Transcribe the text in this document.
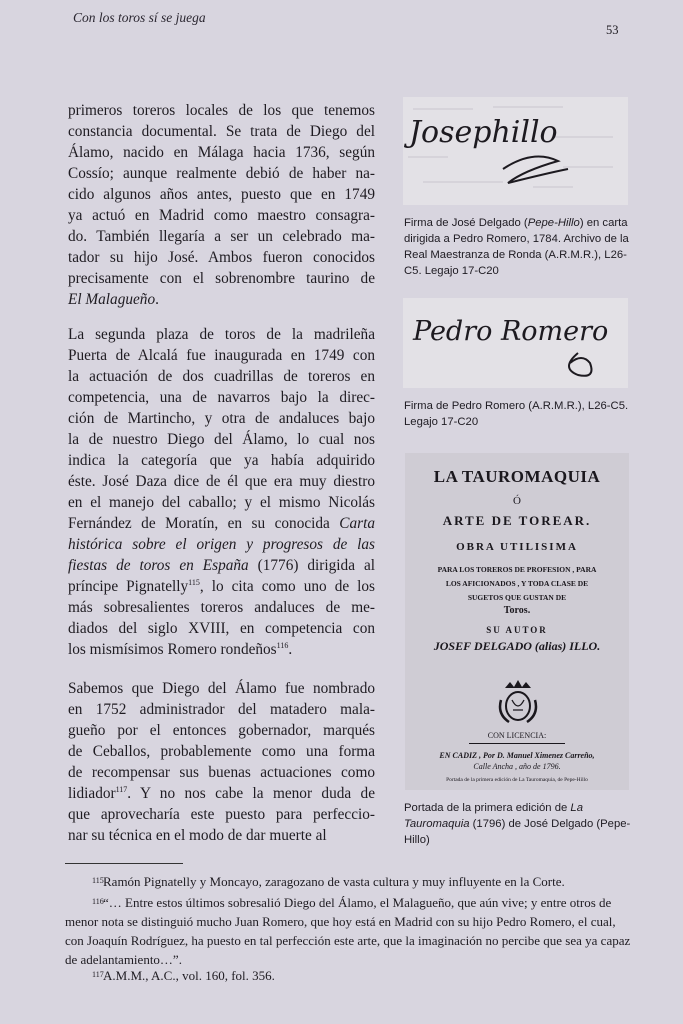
Con los toros sí se juega
53
primeros toreros locales de los que tenemos
constancia documental. Se trata de Diego del
Álamo, nacido en Málaga hacia 1736, según
Cossío; aunque realmente debió de haber na-
cido algunos años antes, puesto que en 1749
ya actuó en Madrid como maestro consagra-
do. También llegaría a ser un celebrado ma-
tador su hijo José. Ambos fueron conocidos
precisamente con el sobrenombre taurino de
El Malagueño.
La segunda plaza de toros de la madrileña
Puerta de Alcalá fue inaugurada en 1749 con
la actuación de dos cuadrillas de toreros en
competencia, una de navarros bajo la direc-
ción de Martincho, y otra de andaluces bajo
la de nuestro Diego del Álamo, lo cual nos
indica la categoría que ya había adquirido
éste. José Daza dice de él que era muy diestro
en el manejo del caballo; y el mismo Nicolás
Fernández de Moratín, en su conocida Carta
histórica sobre el origen y progresos de las
fiestas de toros en España (1776) dirigida al
príncipe Pignatelly$^{115}$, lo cita como uno de los
más sobresalientes toreros andaluces de me-
diados del siglo XVIII, en competencia con
los mismísimos Romero rondeños$^{116}$.
Sabemos que Diego del Álamo fue nombrado
en 1752 administrador del matadero mala-
gueño por el entonces gobernador, marqués
de Ceballos, probablemente como una forma
de recompensar sus buenas actuaciones como
lidiador$^{117}$. Y no nos cabe la menor duda de
que aprovecharía este puesto para perfeccio-
nar su técnica en el modo de dar muerte al
Josephillo
Firma de José Delgado (Pepe-Hillo) en carta dirigida a Pedro Romero, 1784. Archivo de la Real Maestranza de Ronda (A.R.M.R.), L26-C5. Legajo 17-C20
Pedro Romero
Firma de Pedro Romero (A.R.M.R.), L26-C5. Legajo 17-C20
LA TAUROMAQUIA
Ó
ARTE DE TOREAR.
OBRA UTILISIMA
PARA LOS TOREROS DE PROFESION , PARA
LOS AFICIONADOS , Y TODA CLASE DE
SUGETOS QUE GUSTAN DE
Toros.
SU AUTOR
JOSEF DELGADO (alias) ILLO.
CON LICENCIA:
EN CADIZ , Por D. Manuel Ximenez Carreño,
Calle Ancha , año de 1796.
Portada de la primera edición de La Tauromaquia, de Pepe-Hillo
Portada de la primera edición de La Tauromaquia (1796) de José Delgado (Pepe-Hillo)
115Ramón Pignatelly y Moncayo, zaragozano de vasta cultura y muy influyente en la Corte.
116“… Entre estos últimos sobresalió Diego del Álamo, el Malagueño, que aún vive; y entre otros de menor nota se distinguió mucho Juan Romero, que hoy está en Madrid con su hijo Pedro Romero, el cual, con Joaquín Rodríguez, ha puesto en tal perfección este arte, que la imaginación no percibe que sea ya capaz de adelantamiento…”.
117A.M.M., A.C., vol. 160, fol. 356.
